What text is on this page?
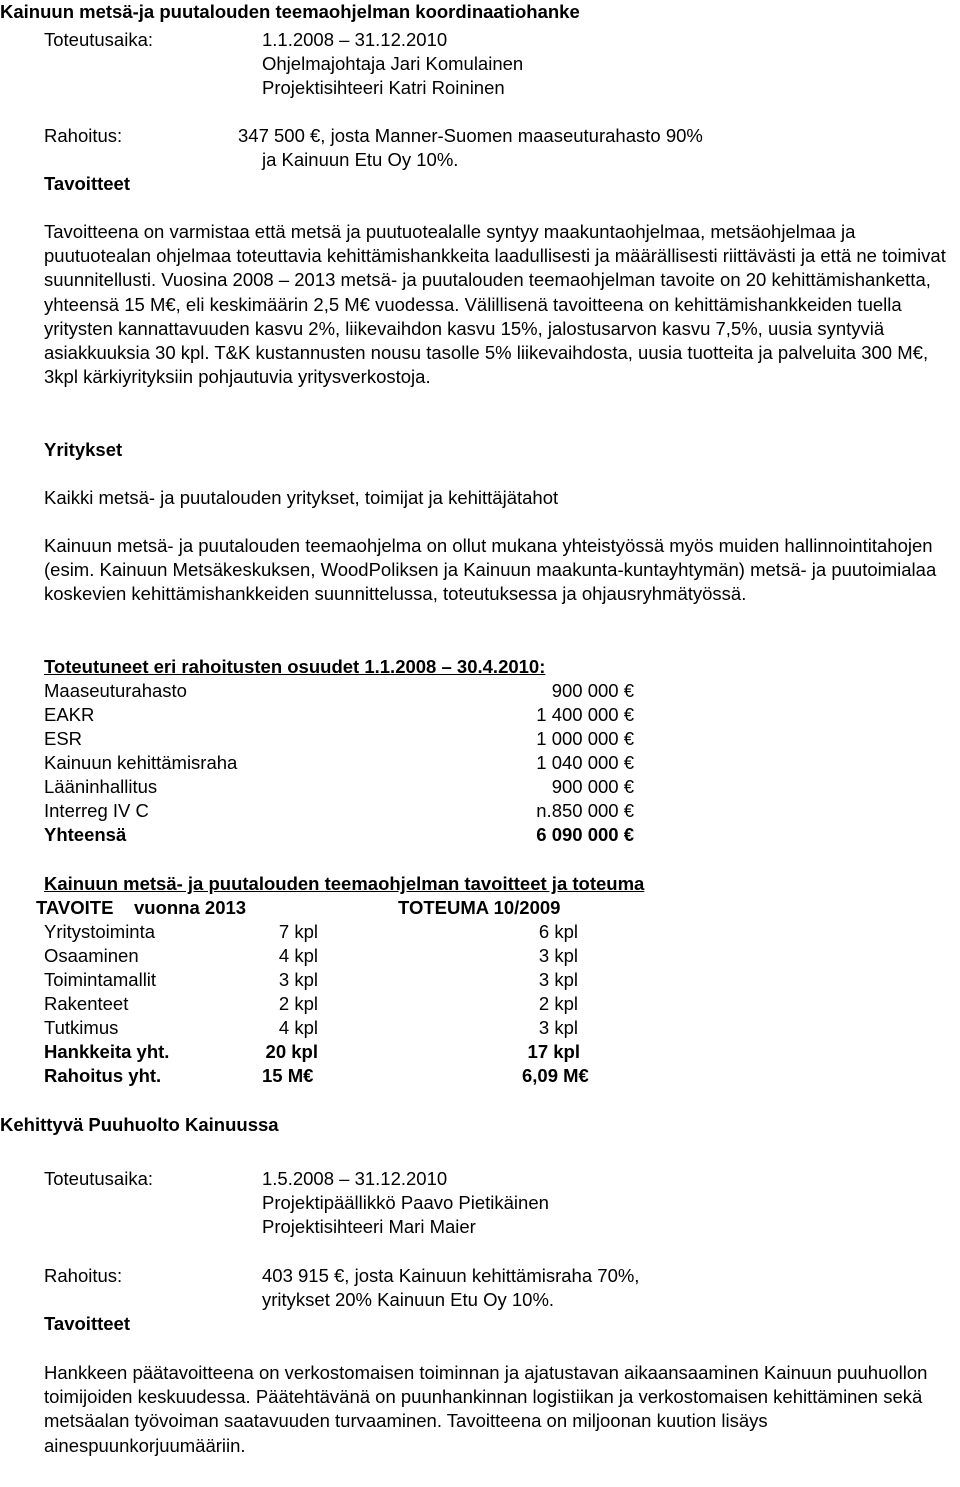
Kainuun metsä-ja puutalouden teemaohjelman koordinaatiohanke
Toteutusaika:	1.1.2008 – 31.12.2010
Ohjelmajohtaja Jari Komulainen
Projektisihteeri Katri Roininen
Rahoitus:	347 500 €, josta Manner-Suomen maaseuturahasto 90%
ja Kainuun Etu Oy 10%.
Tavoitteet
Tavoitteena on varmistaa että metsä ja puutuotealalle syntyy maakuntaohjelmaa, metsäohjelmaa ja puutuotealan ohjelmaa toteuttavia kehittämishankkeita laadullisesti ja määrällisesti riittävästi ja että ne toimivat suunnitellusti. Vuosina 2008 – 2013 metsä- ja puutalouden teemaohjelman tavoite on 20 kehittämishanketta, yhteensä 15 M€, eli keskimäärin 2,5 M€ vuodessa. Välillisenä tavoitteena on kehittämishankkeiden tuella yritysten kannattavuuden kasvu 2%, liikevaihdon kasvu 15%, jalostusarvon kasvu 7,5%, uusia syntyviä asiakkuuksia 30 kpl. T&K kustannusten nousu tasolle 5% liikevaihdosta, uusia tuotteita ja palveluita 300 M€, 3kpl kärkiyrityksiin pohjautuvia yritysverkostoja.
Yritykset
Kaikki metsä- ja puutalouden yritykset, toimijat ja kehittäjätahot
Kainuun metsä- ja puutalouden teemaohjelma on ollut mukana yhteistyössä myös muiden hallinnointitahojen (esim. Kainuun Metsäkeskuksen, WoodPoliksen ja Kainuun maakunta-kuntayhtymän) metsä- ja puutoimialaa koskevien kehittämishankkeiden suunnittelussa, toteutuksessa ja ohjausryhmätyössä.
Toteutuneet eri rahoitusten osuudet 1.1.2008 – 30.4.2010:
Maaseuturahasto	900 000 €
EAKR	1 400 000 €
ESR	1 000 000 €
Kainuun kehittämisraha	1 040 000 €
Lääninhallitus	900 000 €
Interreg IV C	n.850 000 €
Yhteensä	6 090 000 €
Kainuun metsä- ja puutalouden teemaohjelman tavoitteet ja toteuma
TAVOITE    vuonna 2013	TOTEUMA 10/2009
Yritystoiminta	7 kpl	6 kpl
Osaaminen	4 kpl	3 kpl
Toimintamallit	3 kpl	3 kpl
Rakenteet	2 kpl	2 kpl
Tutkimus	4 kpl	3 kpl
Hankkeita yht.	20 kpl	17 kpl
Rahoitus yht.	15 M€	6,09 M€
Kehittyvä Puuhuolto Kainuussa
Toteutusaika:	1.5.2008 – 31.12.2010
Projektipäällikkö Paavo Pietikäinen
Projektisihteeri Mari Maier
Rahoitus:	403 915 €, josta Kainuun kehittämisraha 70%,
yritykset 20% Kainuun Etu Oy 10%.
Tavoitteet
Hankkeen päätavoitteena on verkostomaisen toiminnan ja ajatustavan aikaansaaminen Kainuun puuhuollon toimijoiden keskuudessa. Päätehtävänä on puunhankinnan logistiikan ja verkostomaisen kehittäminen sekä metsäalan työvoiman saatavuuden turvaaminen. Tavoitteena on miljoonan kuution lisäys ainespuunkorjuumääriin.
